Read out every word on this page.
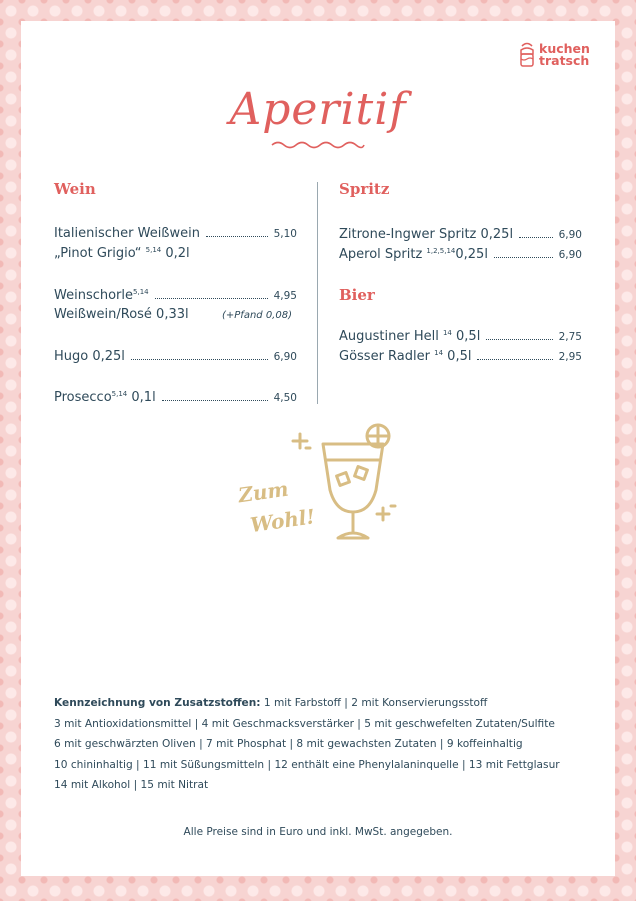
kuchen
tratsch
Aperitif
Wein
Italienischer Weißwein	5,10
„Pinot Grigio“ $^{5,14}$ 0,2l
Weinschorle$^{5,14}$	4,95
Weißwein/Rosé 0,33l	(+Pfand 0,08)
Hugo 0,25l	6,90
Prosecco$^{5,14}$ 0,1l	4,50
Spritz
Zitrone-Ingwer Spritz 0,25l	6,90
Aperol Spritz $^{1,2,5,14}$0,25l	6,90
Bier
Augustiner Hell $^{14}$ 0,5l	2,75
Gösser Radler $^{14}$ 0,5l	2,95
Zum
Wohl!
Kennzeichnung von Zusatzstoffen: 1 mit Farbstoff | 2 mit Konservierungsstoff
3 mit Antioxidationsmittel | 4 mit Geschmacksverstärker | 5 mit geschwefelten Zutaten/Sulfite
6 mit geschwärzten Oliven | 7 mit Phosphat | 8 mit gewachsten Zutaten | 9 koffeinhaltig
10 chininhaltig | 11 mit Süßungsmitteln | 12 enthält eine Phenylalaninquelle | 13 mit Fettglasur
14 mit Alkohol | 15 mit Nitrat
Alle Preise sind in Euro und inkl. MwSt. angegeben.
